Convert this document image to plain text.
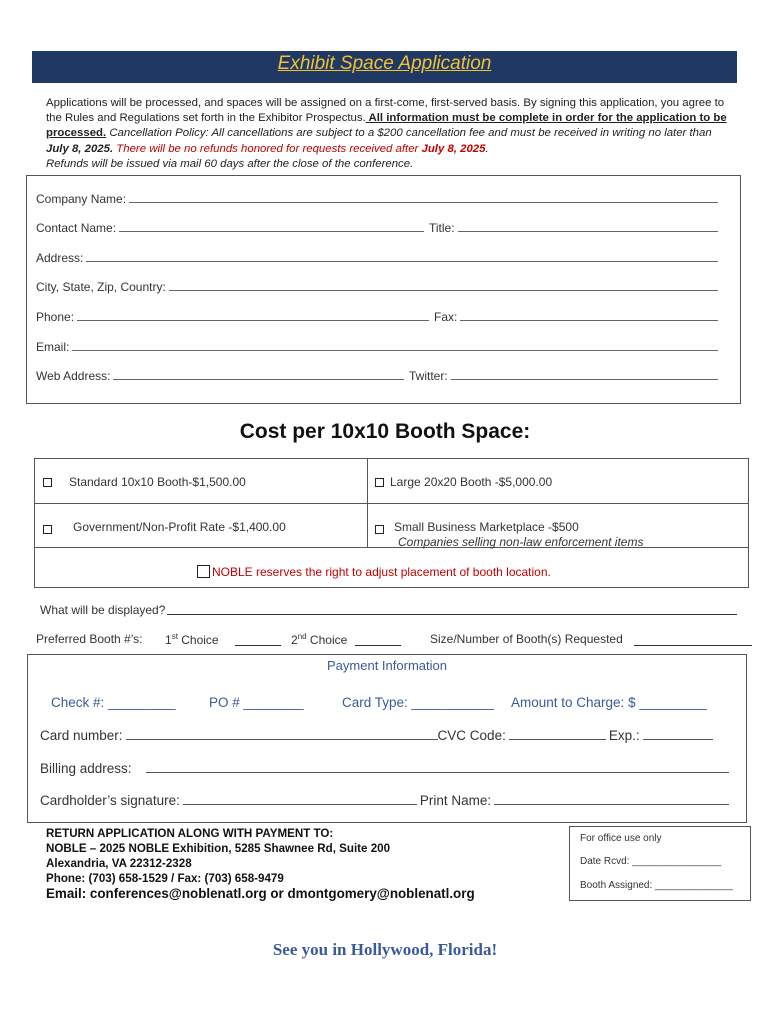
Exhibit Space Application
Applications will be processed, and spaces will be assigned on a first-come, first-served basis. By signing this application, you agree to the Rules and Regulations set forth in the Exhibitor Prospectus. All information must be complete in order for the application to be processed. Cancellation Policy: All cancellations are subject to a $200 cancellation fee and must be received in writing no later than July 8, 2025. There will be no refunds honored for requests received after July 8, 2025.
Refunds will be issued via mail 60 days after the close of the conference.
Company Name:
Contact Name:	Title:
Address:
City, State, Zip, Country:
Phone:	Fax:
Email:
Web Address:	Twitter:
Cost per 10x10 Booth Space:
Standard 10x10 Booth-$1,500.00	Large 20x20 Booth -$5,000.00
Government/Non-Profit Rate -$1,400.00	Small Business Marketplace -$500
Companies selling non-law enforcement items
NOBLE reserves the right to adjust placement of booth location.
What will be displayed?
Preferred Booth #’s: 1st Choice	2nd Choice	Size/Number of Booth(s) Requested
Payment Information
Check #: _________ PO # ________	Card Type: ___________ Amount to Charge: $ _________
Card number:	CVC Code:	Exp.:
Billing address:
Cardholder’s signature:	Print Name:
RETURN APPLICATION ALONG WITH PAYMENT TO:
NOBLE – 2025 NOBLE Exhibition, 5285 Shawnee Rd, Suite 200
Alexandria, VA 22312-2328
Phone: (703) 658-1529 / Fax: (703) 658-9479
Email: conferences@noblenatl.org or dmontgomery@noblenatl.org
For office use only
Date Rcvd: ________________
Booth Assigned: ______________
See you in Hollywood, Florida!
